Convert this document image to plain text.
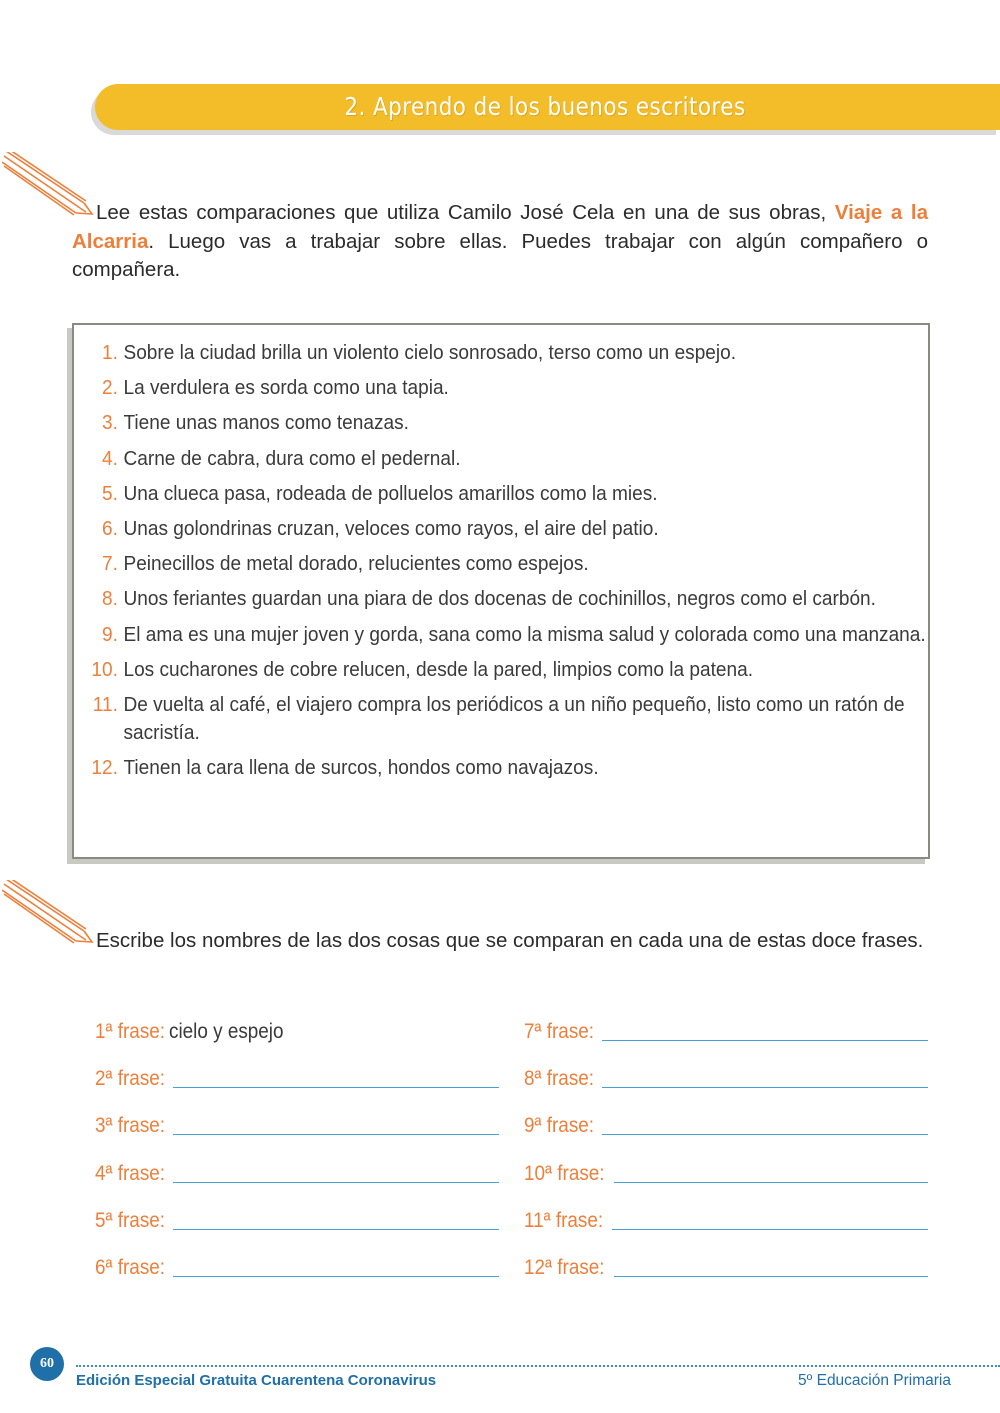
2. Aprendo de los buenos escritores
Lee estas comparaciones que utiliza Camilo José Cela en una de sus obras, Viaje a la Alcarria. Luego vas a trabajar sobre ellas. Puedes trabajar con algún compañero o compañera.
1. Sobre la ciudad brilla un violento cielo sonrosado, terso como un espejo.
2. La verdulera es sorda como una tapia.
3. Tiene unas manos como tenazas.
4. Carne de cabra, dura como el pedernal.
5. Una clueca pasa, rodeada de polluelos amarillos como la mies.
6. Unas golondrinas cruzan, veloces como rayos, el aire del patio.
7. Peinecillos de metal dorado, relucientes como espejos.
8. Unos feriantes guardan una piara de dos docenas de cochinillos, negros como el carbón.
9. El ama es una mujer joven y gorda, sana como la misma salud y colorada como una manzana.
10. Los cucharones de cobre relucen, desde la pared, limpios como la patena.
11. De vuelta al café, el viajero compra los periódicos a un niño pequeño, listo como un ratón de sacristía.
12. Tienen la cara llena de surcos, hondos como navajazos.
Escribe los nombres de las dos cosas que se comparan en cada una de estas doce frases.
1ª frase: cielo y espejo
2ª frase:
3ª frase:
4ª frase:
5ª frase:
6ª frase:
7ª frase:
8ª frase:
9ª frase:
10ª frase:
11ª frase:
12ª frase:
60
Edición Especial Gratuita Cuarentena Coronavirus	5º Educación Primaria
